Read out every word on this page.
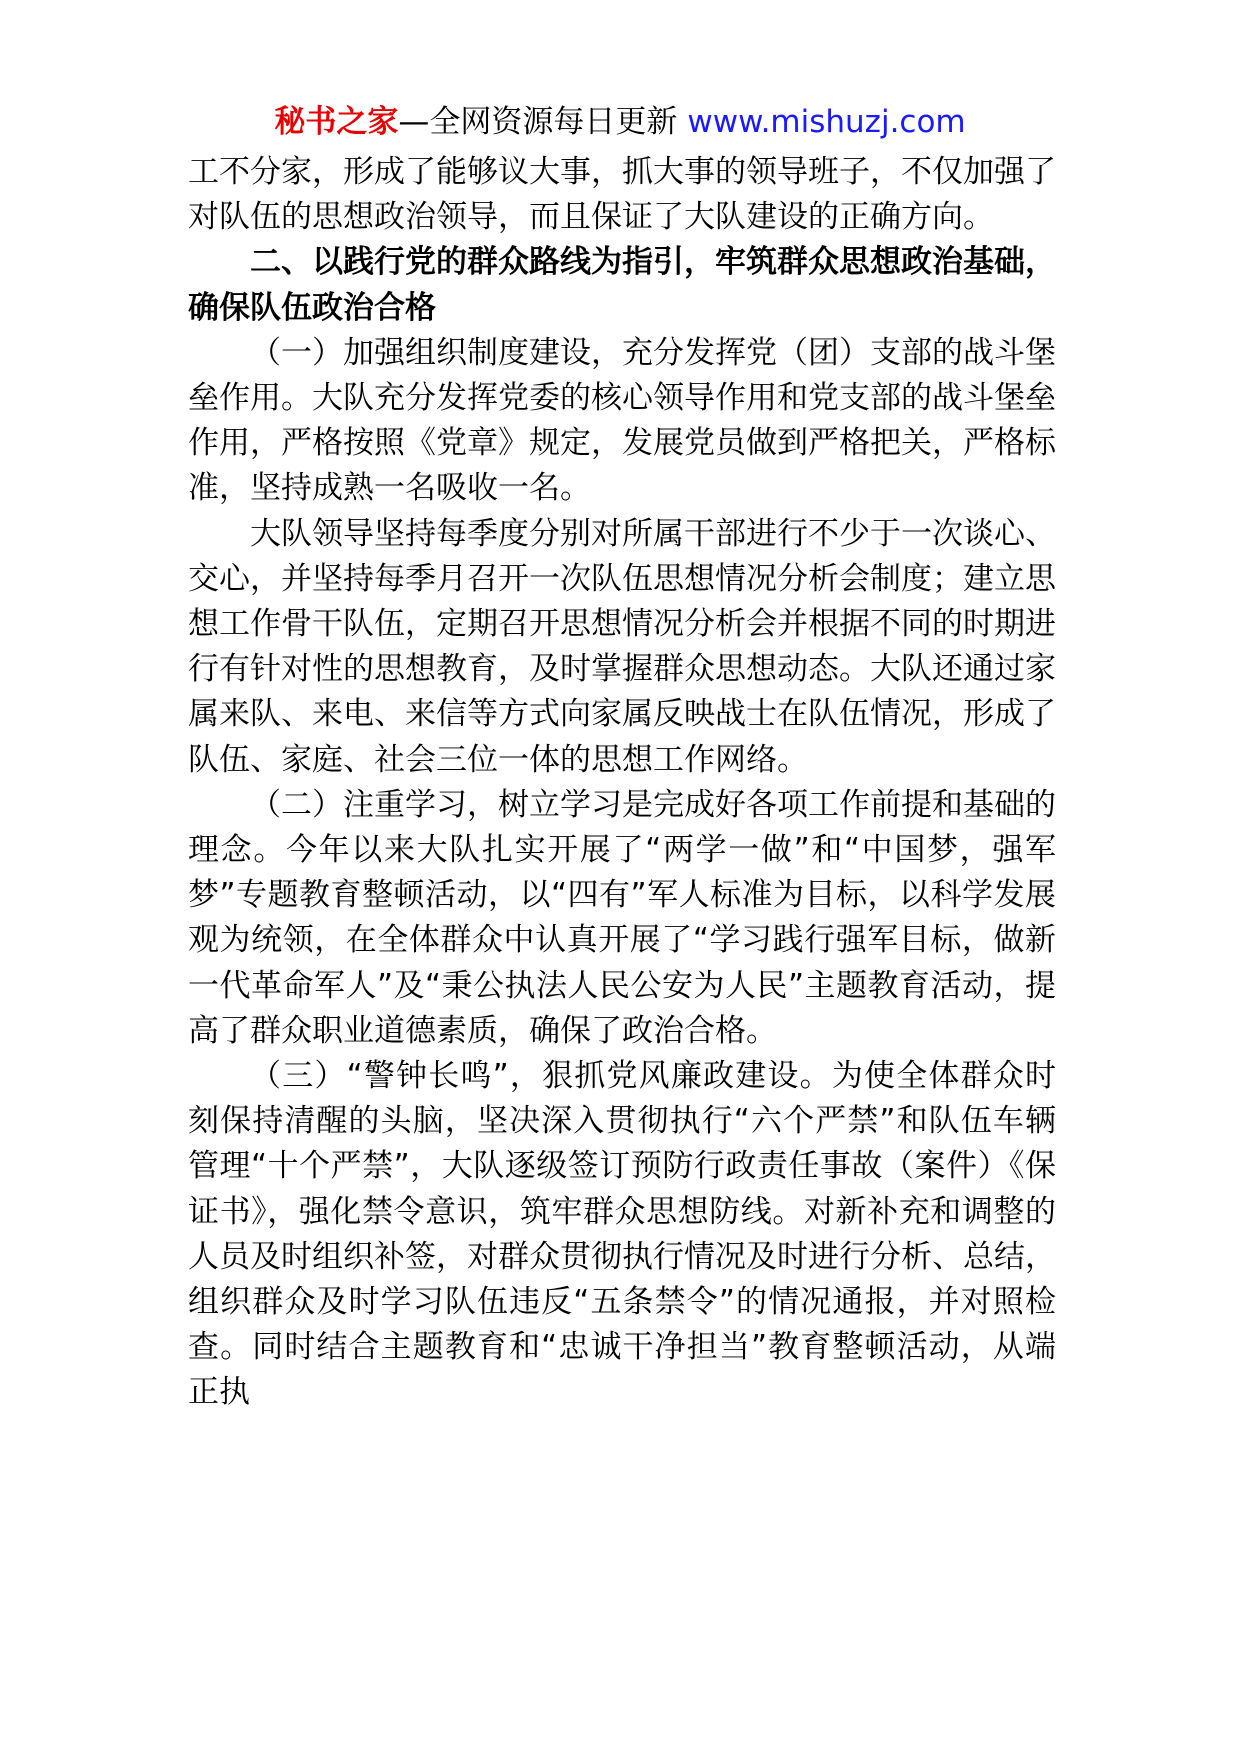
秘书之家—全网资源每日更新 www.mishuzj.com

工不分家，形成了能够议大事，抓大事的领导班子，不仅加强了对队伍的思想政治领导，而且保证了大队建设的正确方向。

二、以践行党的群众路线为指引，牢筑群众思想政治基础，确保队伍政治合格

（一）加强组织制度建设，充分发挥党（团）支部的战斗堡垒作用。大队充分发挥党委的核心领导作用和党支部的战斗堡垒作用，严格按照《党章》规定，发展党员做到严格把关，严格标准，坚持成熟一名吸收一名。

大队领导坚持每季度分别对所属干部进行不少于一次谈心、交心，并坚持每季月召开一次队伍思想情况分析会制度；建立思想工作骨干队伍，定期召开思想情况分析会并根据不同的时期进行有针对性的思想教育，及时掌握群众思想动态。大队还通过家属来队、来电、来信等方式向家属反映战士在队伍情况，形成了队伍、家庭、社会三位一体的思想工作网络。

（二）注重学习，树立学习是完成好各项工作前提和基础的理念。今年以来大队扎实开展了“两学一做”和“中国梦，强军梦”专题教育整顿活动，以“四有”军人标准为目标，以科学发展观为统领，在全体群众中认真开展了“学习践行强军目标，做新一代革命军人”及“秉公执法人民公安为人民”主题教育活动，提高了群众职业道德素质，确保了政治合格。

（三）“警钟长鸣”，狠抓党风廉政建设。为使全体群众时刻保持清醒的头脑，坚决深入贯彻执行“六个严禁”和队伍车辆管理“十个严禁”，大队逐级签订预防行政责任事故（案件）《保证书》，强化禁令意识，筑牢群众思想防线。对新补充和调整的人员及时组织补签，对群众贯彻执行情况及时进行分析、总结，组织群众及时学习队伍违反“五条禁令”的情况通报，并对照检查。同时结合主题教育和“忠诚干净担当”教育整顿活动，从端正执
